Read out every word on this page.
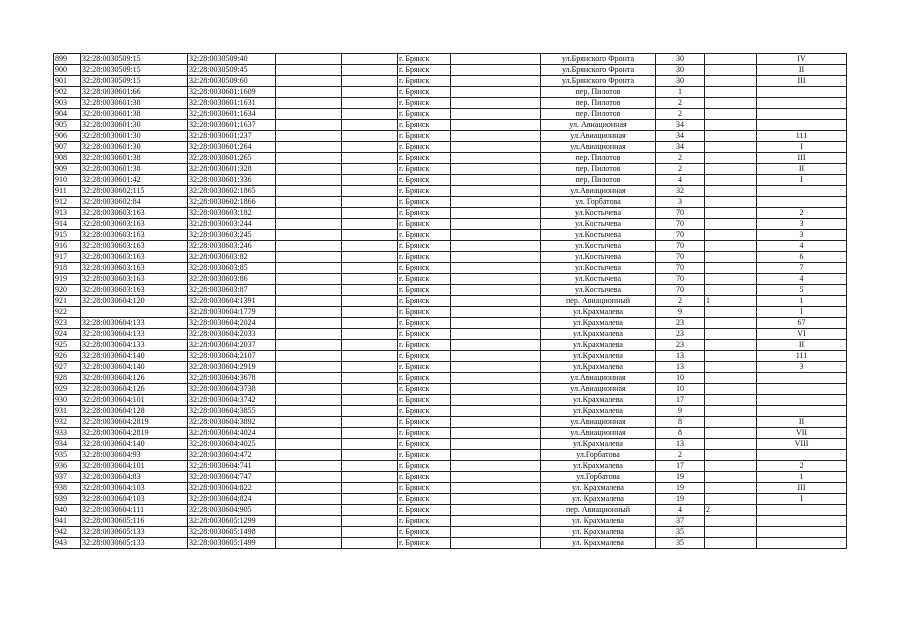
899	32:28:0030509:15	32:28:0030509:40			г. Брянск		ул.Брянского Фронта	30		IV
900	32:28:0030509:15	32:28:0030509:45			г. Брянск		ул.Брянского Фронта	30		II
901	32:28:0030509:15	32:28:0030509:60			г. Брянск		ул.Брянского Фронта	30		III
902	32:28:0030601:66	32:28:0030601:1609			г. Брянск		пер. Пилотов	1		
903	32:28:0030601:38	32:28:0030601:1631			г. Брянск		пер. Пилотов	2		
904	32:28:0030601:38	32:28:0030601:1634			г. Брянск		пер. Пилотов	2		
905	32:28:0030601:30	32:28:0030601:1637			г. Брянск		ул. Авиационная	34		
906	32:28:0030601:30	32:28:0030601:237			г. Брянск		ул.Авиационная	34		111
907	32:28:0030601:30	32:28:0030601:264			г. Брянск		ул.Авиационная	34		I
908	32:28:0030601:38	32:28:0030601:265			г. Брянск		пер. Пилотов	2		III
909	32:28:0030601:38	32:28:0030601:328			г. Брянск		пер. Пилотов	2		II
910	32:28:0030601:42	32:28:0030601:336			г. Брянск		пер. Пилотов	4		I
911	32:28:0030602:115	32:28:0030602:1865			г. Брянск		ул.Авиационная	32		
912	32:28:0030602:84	32:28:0030602:1866			г. Брянск		ул. Горбатова	3		
913	32:28:0030603:163	32:28:0030603:182			г. Брянск		ул.Костычева	70		2
914	32:28:0030603:163	32:28:0030603:244			г. Брянск		ул.Костычева	70		3
915	32:28:0030603:163	32:28:0030603:245			г. Брянск		ул.Костычева	70		3
916	32:28:0030603:163	32:28:0030603:246			г. Брянск		ул.Костычева	70		4
917	32:28:0030603:163	32:28:0030603:82			г. Брянск		ул.Костычева	70		6
918	32:28:0030603:163	32:28:0030603:85			г. Брянск		ул.Костычева	70		7
919	32:28:0030603:163	32:28:0030603:86			г. Брянск		ул.Костычева	70		4
920	32:28:0030603:163	32:28:0030603:87			г. Брянск		ул.Костычева	70		5
921	32:28:0030604:120	32:28:0030604:1391			г. Брянск		пер. Авиационный	2	1	1
922		32:28:0030604:1779			г. Брянск		ул.Крахмалева	9		I
923	32:28:0030604:133	32:28:0030604:2024			г. Брянск		ул.Крахмалева	23		67
924	32:28:0030604:133	32:28:0030604:2033			г. Брянск		ул.Крахмалева	23		VI
925	32:28:0030604:133	32:28:0030604:2037			г. Брянск		ул.Крахмалева	23		II
926	32:28:0030604:140	32:28:0030604:2107			г. Брянск		ул.Крахмалева	13		111
927	32:28:0030604:140	32:28:0030604:2919			г. Брянск		ул.Крахмалева	13		3
928	32:28:0030604:126	32:28:0030604:3678			г. Брянск		ул.Авиационная	10		
929	32:28:0030604:126	32:28:0030604:3738			г. Брянск		ул.Авиационная	10		
930	32:28:0030604:101	32:28:0030604:3742			г. Брянск		ул.Крахмалева	17		
931	32:28:0030604:128	32:28:0030604:3855			г. Брянск		ул.Крахмалева	9		
932	32:28:0030604:2819	32:28:0030604:3892			г. Брянск		ул.Авиационная	8		II
933	32:28:0030604:2819	32:28:0030604:4024			г. Брянск		ул.Авиационная	8		VII
934	32:28:0030604:140	32:28:0030604:4025			г. Брянск		ул.Крахмалева	13		VIII
935	32:28:0030604:93	32:28:0030604:472			г. Брянск		ул.Горбатова	2		
936	32:28:0030604:101	32:28:0030604:741			г. Брянск		ул.Крахмалева	17		2
937	32:28:0030604:83	32:28:0030604:747			г. Брянск		ул.Горбатова	19		1
938	32:28:0030604:103	32:28:0030604:822			г. Брянск		ул. Крахмалева	19		III
939	32:28:0030604:103	32:28:0030604:824			г. Брянск		ул. Крахмалева	19		I
940	32:28:0030604:111	32:28:0030604:905			г. Брянск		пер. Авиационный	4	2	
941	32:28:0030605:116	32:28:0030605:1299			г. Брянск		ул. Крахмалева	37		
942	32:28:0030605:133	32:28:0030605:1498			г. Брянск		ул. Крахмалева	35		
943	32:28:0030605:133	32:28:0030605:1499			г. Брянск		ул. Крахмалева	35		
